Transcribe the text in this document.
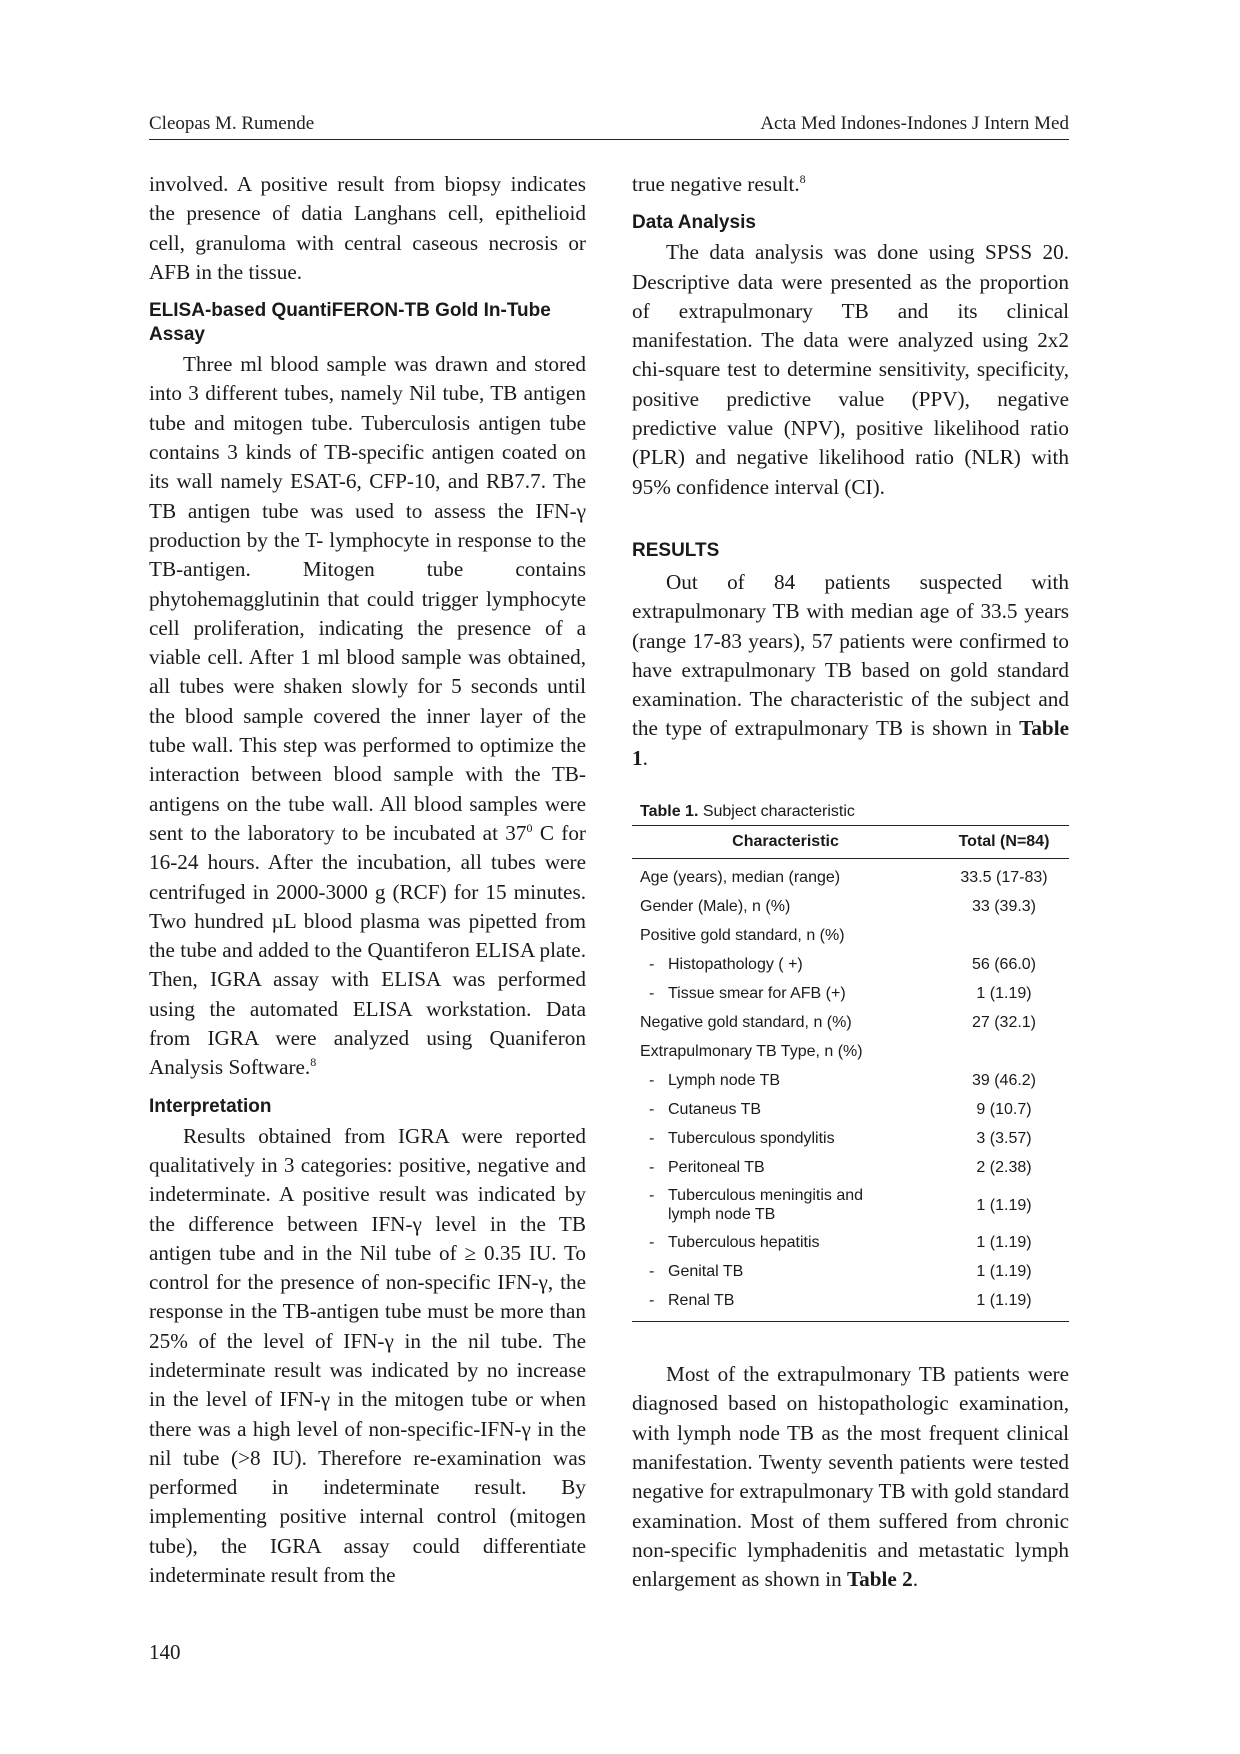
Cleopas M. Rumende	Acta Med Indones-Indones J Intern Med

involved. A positive result from biopsy indicates the presence of datia Langhans cell, epithelioid cell, granuloma with central caseous necrosis or AFB in the tissue.

ELISA-based QuantiFERON-TB Gold In-Tube Assay

Three ml blood sample was drawn and stored into 3 different tubes, namely Nil tube, TB antigen tube and mitogen tube. Tuberculosis antigen tube contains 3 kinds of TB-specific antigen coated on its wall namely ESAT-6, CFP-10, and RB7.7. The TB antigen tube was used to assess the IFN-γ production by the T- lymphocyte in response to the TB-antigen. Mitogen tube contains phytohemagglutinin that could trigger lymphocyte cell proliferation, indicating the presence of a viable cell. After 1 ml blood sample was obtained, all tubes were shaken slowly for 5 seconds until the blood sample covered the inner layer of the tube wall. This step was performed to optimize the interaction between blood sample with the TB-antigens on the tube wall. All blood samples were sent to the laboratory to be incubated at $37^0$ C for 16-24 hours. After the incubation, all tubes were centrifuged in 2000-3000 g (RCF) for 15 minutes. Two hundred µL blood plasma was pipetted from the tube and added to the Quantiferon ELISA plate. Then, IGRA assay with ELISA was performed using the automated ELISA workstation. Data from IGRA were analyzed using Quaniferon Analysis Software.$^8$

Interpretation

Results obtained from IGRA were reported qualitatively in 3 categories: positive, negative and indeterminate. A positive result was indicated by the difference between IFN-γ level in the TB antigen tube and in the Nil tube of ≥ 0.35 IU. To control for the presence of non-specific IFN-γ, the response in the TB-antigen tube must be more than 25% of the level of IFN-γ in the nil tube. The indeterminate result was indicated by no increase in the level of IFN-γ in the mitogen tube or when there was a high level of non-specific-IFN-γ in the nil tube (>8 IU). Therefore re-examination was performed in indeterminate result. By implementing positive internal control (mitogen tube), the IGRA assay could differentiate indeterminate result from the

true negative result.$^8$

Data Analysis

The data analysis was done using SPSS 20. Descriptive data were presented as the proportion of extrapulmonary TB and its clinical manifestation. The data were analyzed using 2x2 chi-square test to determine sensitivity, specificity, positive predictive value (PPV), negative predictive value (NPV), positive likelihood ratio (PLR) and negative likelihood ratio (NLR) with 95% confidence interval (CI).

RESULTS

Out of 84 patients suspected with extrapulmonary TB with median age of 33.5 years (range 17-83 years), 57 patients were confirmed to have extrapulmonary TB based on gold standard examination. The characteristic of the subject and the type of extrapulmonary TB is shown in Table 1.

Table 1. Subject characteristic
Characteristic	Total (N=84)
Age (years), median (range)	33.5 (17-83)
Gender (Male), n (%)	33 (39.3)
Positive gold standard, n (%)	
- Histopathology ( +)	56 (66.0)
- Tissue smear for AFB (+)	1 (1.19)
Negative gold standard, n (%)	27 (32.1)
Extrapulmonary TB Type, n (%)	
- Lymph node TB	39 (46.2)
- Cutaneus TB	9 (10.7)
- Tuberculous spondylitis	3 (3.57)
- Peritoneal TB	2 (2.38)

- Tuberculous meningitis and lymph node TB	1 (1.19)
- Tuberculous hepatitis	1 (1.19)
- Genital TB	1 (1.19)
- Renal TB	1 (1.19)

Most of the extrapulmonary TB patients were diagnosed based on histopathologic examination, with lymph node TB as the most frequent clinical manifestation. Twenty seventh patients were tested negative for extrapulmonary TB with gold standard examination. Most of them suffered from chronic non-specific lymphadenitis and metastatic lymph enlargement as shown in Table 2.

140
